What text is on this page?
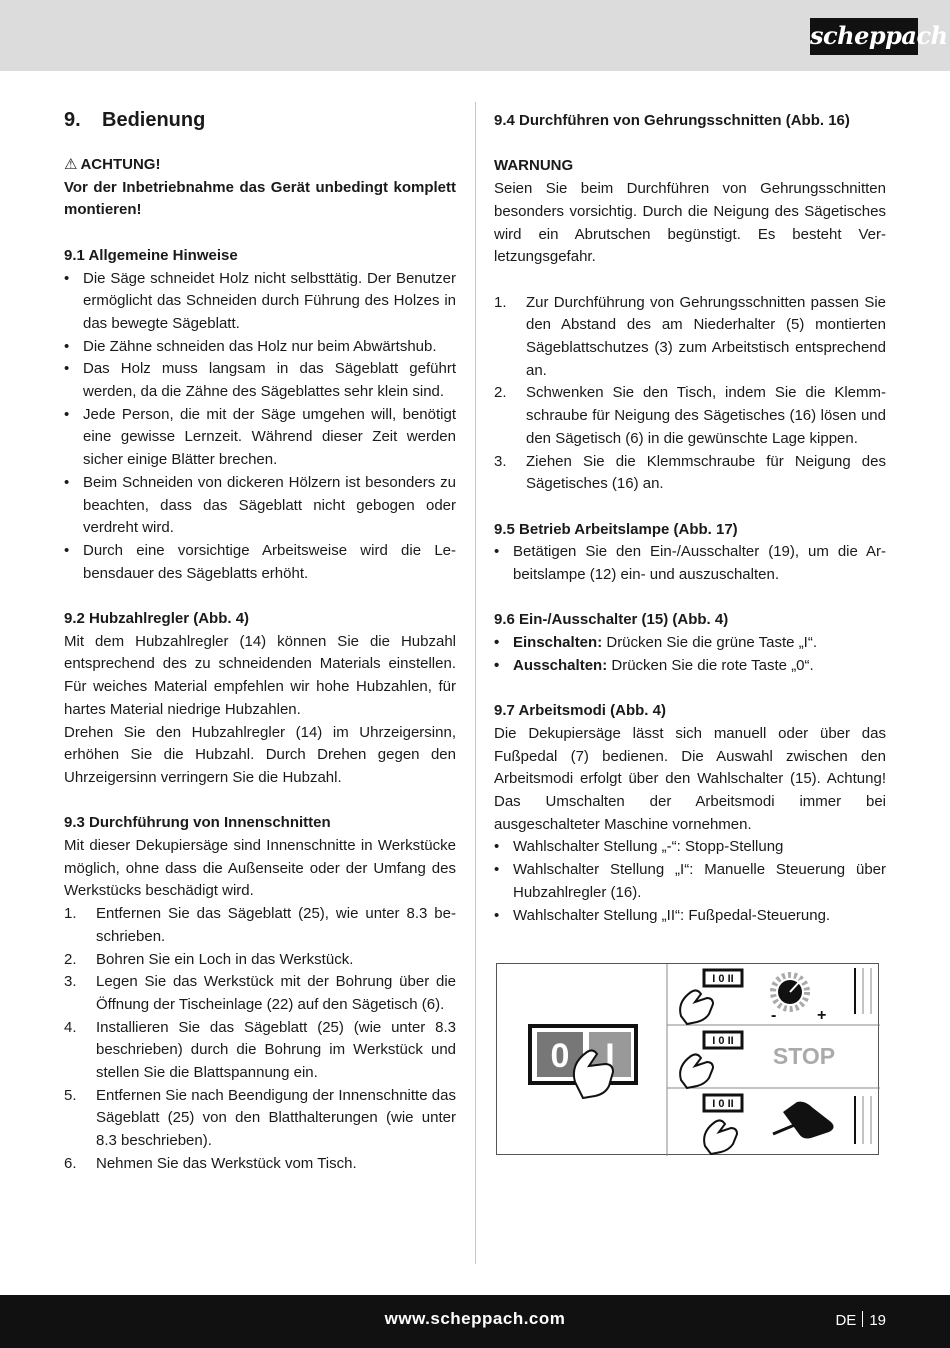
scheppach
9.	Bedienung
⚠ ACHTUNG!

Vor der Inbetriebnahme das Gerät unbedingt komplett montieren!

9.1 Allgemeine Hinweise
• Die Säge schneidet Holz nicht selbsttätig. Der Benutzer ermöglicht das Schneiden durch Führung des Holzes in das bewegte Sägeblatt.
• Die Zähne schneiden das Holz nur beim Abwärtshub.
• Das Holz muss langsam in das Sägeblatt geführt werden, da die Zähne des Sägeblattes sehr klein sind.
• Jede Person, die mit der Säge umgehen will, benötigt eine gewisse Lernzeit. Während dieser Zeit werden sicher einige Blätter brechen.
• Beim Schneiden von dickeren Hölzern ist besonders zu beachten, dass das Sägeblatt nicht gebogen oder verdreht wird.
• Durch eine vorsichtige Arbeitsweise wird die Lebensdauer des Sägeblatts erhöht.
9.2 Hubzahlregler (Abb. 4)

Mit dem Hubzahlregler (14) können Sie die Hubzahl entsprechend des zu schneidenden Materials einstellen. Für weiches Material empfehlen wir hohe Hubzahlen, für hartes Material niedrige Hubzahlen.

Drehen Sie den Hubzahlregler (14) im Uhrzeigersinn, erhöhen Sie die Hubzahl. Durch Drehen gegen den Uhrzeigersinn verringern Sie die Hubzahl.

9.3 Durchführung von Innenschnitten

Mit dieser Dekupiersäge sind Innenschnitte in Werkstücke möglich, ohne dass die Außenseite oder der Umfang des Werkstücks beschädigt wird.

1. Entfernen Sie das Sägeblatt (25), wie unter 8.3 beschrieben.
2. Bohren Sie ein Loch in das Werkstück.
3. Legen Sie das Werkstück mit der Bohrung über die Öffnung der Tischeinlage (22) auf den Sägetisch (6).
4. Installieren Sie das Sägeblatt (25) (wie unter 8.3 beschrieben) durch die Bohrung im Werkstück und stellen Sie die Blattspannung ein.
5. Entfernen Sie nach Beendigung der Innenschnitte das Sägeblatt (25) von den Blatthalterungen (wie unter 8.3 beschrieben).
6. Nehmen Sie das Werkstück vom Tisch.
9.4 Durchführen von Gehrungsschnitten (Abb. 16)
WARNUNG

Seien Sie beim Durchführen von Gehrungsschnitten besonders vorsichtig. Durch die Neigung des Sägetisches wird ein Abrutschen begünstigt. Es besteht Verletzungsgefahr.

1. Zur Durchführung von Gehrungsschnitten passen Sie den Abstand des am Niederhalter (5) montierten Sägeblattschutzes (3) zum Arbeitstisch entsprechend an.
2. Schwenken Sie den Tisch, indem Sie die Klemmschraube für Neigung des Sägetisches (16) lösen und den Sägetisch (6) in die gewünschte Lage kippen.
3. Ziehen Sie die Klemmschraube für Neigung des Sägetisches (16) an.
9.5 Betrieb Arbeitslampe (Abb. 17)
• Betätigen Sie den Ein-/Ausschalter (19), um die Arbeitslampe (12) ein- und auszuschalten.
9.6 Ein-/Ausschalter (15) (Abb. 4)
• Einschalten: Drücken Sie die grüne Taste „I“.
• Ausschalten: Drücken Sie die rote Taste „0“.
9.7 Arbeitsmodi (Abb. 4)

Die Dekupiersäge lässt sich manuell oder über das Fußpedal (7) bedienen. Die Auswahl zwischen den Arbeitsmodi erfolgt über den Wahlschalter (15). Achtung! Das Umschalten der Arbeitsmodi immer bei ausgeschalteter Maschine vornehmen.

• Wahlschalter Stellung „-“: Stopp-Stellung
• Wahlschalter Stellung „I“: Manuelle Steuerung über Hubzahlregler (16).
• Wahlschalter Stellung „II“: Fußpedal-Steuerung.
0 I
I 0 II
-	+
I 0 II
STOP
I 0 II
www.scheppach.com	DE 19
